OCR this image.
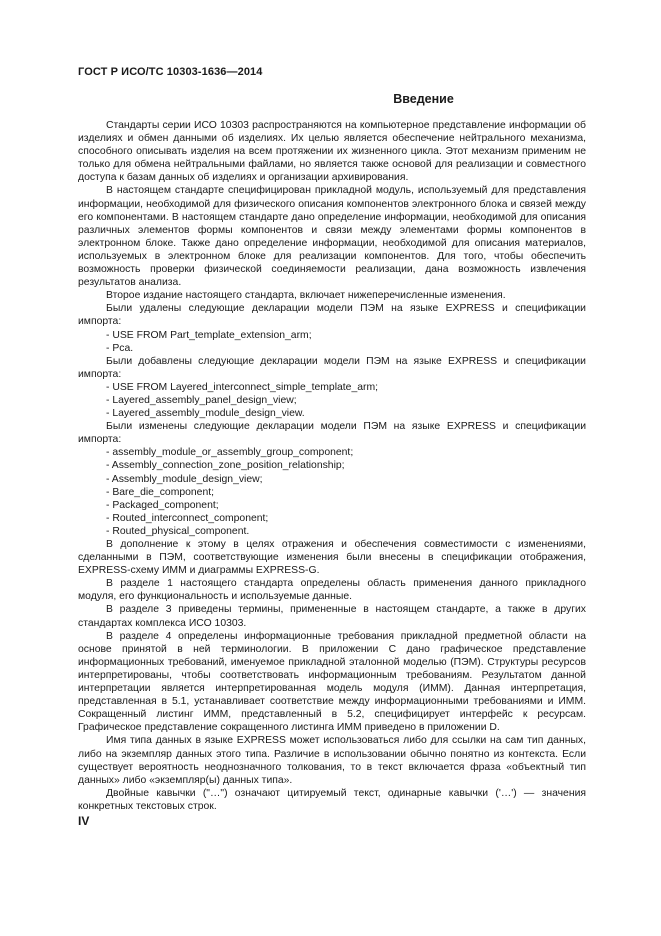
ГОСТ Р ИСО/ТС 10303-1636—2014
Введение

Стандарты серии ИСО 10303 распространяются на компьютерное представление информации об изделиях и обмен данными об изделиях. Их целью является обеспечение нейтрального механизма, способного описывать изделия на всем протяжении их жизненного цикла. Этот механизм применим не только для обмена нейтральными файлами, но является также основой для реализации и совместного доступа к базам данных об изделиях и организации архивирования.

В настоящем стандарте специфицирован прикладной модуль, используемый для представления информации, необходимой для физического описания компонентов электронного блока и связей между его компонентами. В настоящем стандарте дано определение информации, необходимой для описания различных элементов формы компонентов и связи между элементами формы компонентов в электронном блоке. Также дано определение информации, необходимой для описания материалов, используемых в электронном блоке для реализации компонентов. Для того, чтобы обеспечить возможность проверки физической соединяемости реализации, дана возможность извлечения результатов анализа.

Второе издание настоящего стандарта, включает нижеперечисленные изменения.

Были удалены следующие декларации модели ПЭМ на языке EXPRESS и спецификации импорта:

- USE FROM Part_template_extension_arm;

- Pca.

Были добавлены следующие декларации модели ПЭМ на языке EXPRESS и спецификации импорта:

- USE FROM Layered_interconnect_simple_template_arm;

- Layered_assembly_panel_design_view;

- Layered_assembly_module_design_view.

Были изменены следующие декларации модели ПЭМ на языке EXPRESS и спецификации импорта:

- assembly_module_or_assembly_group_component;

- Assembly_connection_zone_position_relationship;

- Assembly_module_design_view;

- Bare_die_component;

- Packaged_component;

- Routed_interconnect_component;

- Routed_physical_component.

В дополнение к этому в целях отражения и обеспечения совместимости с изменениями, сделанными в ПЭМ, соответствующие изменения были внесены в спецификации отображения, EXPRESS-схему ИММ и диаграммы EXPRESS-G.

В разделе 1 настоящего стандарта определены область применения данного прикладного модуля, его функциональность и используемые данные.

В разделе 3 приведены термины, примененные в настоящем стандарте, а также в других стандартах комплекса ИСО 10303.

В разделе 4 определены информационные требования прикладной предметной области на основе принятой в ней терминологии. В приложении С дано графическое представление информационных требований, именуемое прикладной эталонной моделью (ПЭМ). Структуры ресурсов интерпретированы, чтобы соответствовать информационным требованиям. Результатом данной интерпретации является интерпретированная модель модуля (ИММ). Данная интерпретация, представленная в 5.1, устанавливает соответствие между информационными требованиями и ИММ. Сокращенный листинг ИММ, представленный в 5.2, специфицирует интерфейс к ресурсам. Графическое представление сокращенного листинга ИММ приведено в приложении D.

Имя типа данных в языке EXPRESS может использоваться либо для ссылки на сам тип данных, либо на экземпляр данных этого типа. Различие в использовании обычно понятно из контекста. Если существует вероятность неоднозначного толкования, то в текст включается фраза «объектный тип данных» либо «экземпляр(ы) данных типа».

Двойные кавычки ("…") означают цитируемый текст, одинарные кавычки ('…') — значения конкретных текстовых строк.

IV
